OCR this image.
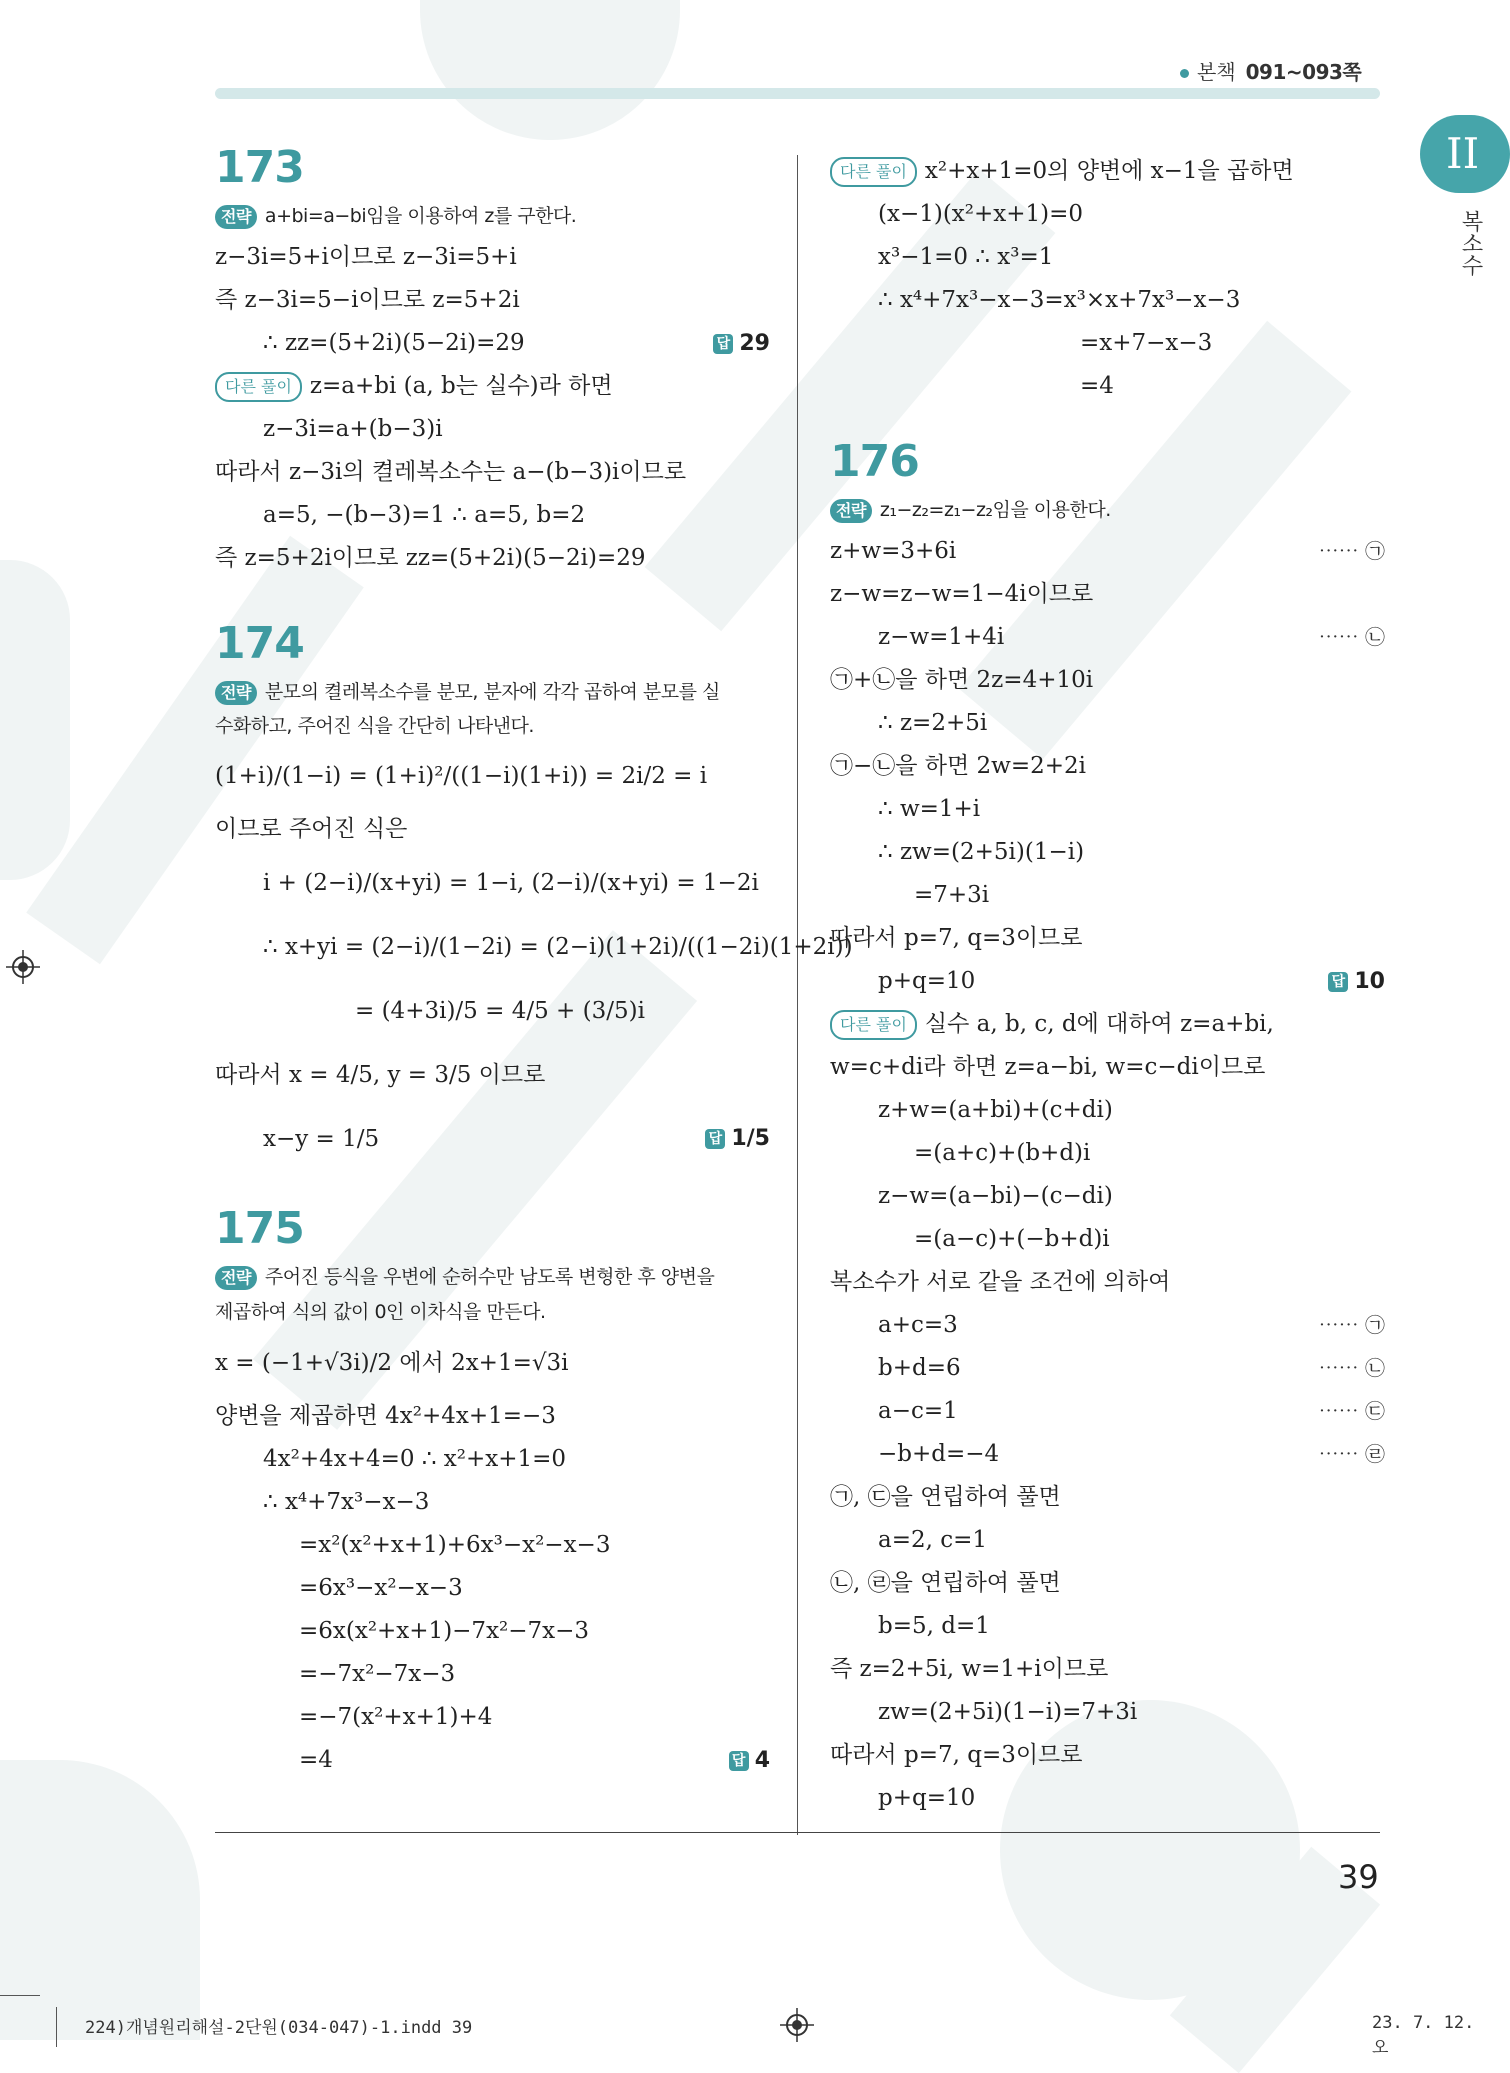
본책 091~093쪽
II
복소수
173
전략 a+bi=a−bi임을 이용하여 z를 구한다.
z−3i=5+i이므로 z−3i=5+i
즉 z−3i=5−i이므로 z=5+2i
∴ zz=(5+2i)(5−2i)=29	답 29
다른 풀이 z=a+bi (a, b는 실수)라 하면
z−3i=a+(b−3)i
따라서 z−3i의 켤레복소수는 a−(b−3)i이므로
a=5, −(b−3)=1 ∴ a=5, b=2
즉 z=5+2i이므로 zz=(5+2i)(5−2i)=29
174
전략 분모의 켤레복소수를 분모, 분자에 각각 곱하여 분모를 실
수화하고, 주어진 식을 간단히 나타낸다.
(1+i)/(1−i) = (1+i)²/((1−i)(1+i)) = 2i/2 = i
이므로 주어진 식은
i + (2−i)/(x+yi) = 1−i, (2−i)/(x+yi) = 1−2i
∴ x+yi = (2−i)/(1−2i) = (2−i)(1+2i)/((1−2i)(1+2i))
= (4+3i)/5 = 4/5 + (3/5)i
따라서 x = 4/5, y = 3/5 이므로
x−y = 1/5	답 1/5
175
전략 주어진 등식을 우변에 순허수만 남도록 변형한 후 양변을
제곱하여 식의 값이 0인 이차식을 만든다.
x = (−1+√3i)/2 에서 2x+1=√3i
양변을 제곱하면 4x²+4x+1=−3
4x²+4x+4=0 ∴ x²+x+1=0
∴ x⁴+7x³−x−3
=x²(x²+x+1)+6x³−x²−x−3
=6x³−x²−x−3
=6x(x²+x+1)−7x²−7x−3
=−7x²−7x−3
=−7(x²+x+1)+4
=4	답 4
다른 풀이 x²+x+1=0의 양변에 x−1을 곱하면
(x−1)(x²+x+1)=0
x³−1=0 ∴ x³=1
∴ x⁴+7x³−x−3=x³×x+7x³−x−3
=x+7−x−3
=4
176
전략 z₁−z₂=z₁−z₂임을 이용한다.
z+w=3+6i	⋯⋯ ㉠
z−w=z−w=1−4i이므로
z−w=1+4i	⋯⋯ ㉡
㉠+㉡을 하면 2z=4+10i
∴ z=2+5i
㉠−㉡을 하면 2w=2+2i
∴ w=1+i
∴ zw=(2+5i)(1−i)
=7+3i
따라서 p=7, q=3이므로
p+q=10	답 10
다른 풀이 실수 a, b, c, d에 대하여 z=a+bi,
w=c+di라 하면 z=a−bi, w=c−di이므로
z+w=(a+bi)+(c+di)
=(a+c)+(b+d)i
z−w=(a−bi)−(c−di)
=(a−c)+(−b+d)i
복소수가 서로 같을 조건에 의하여
a+c=3	⋯⋯ ㉠
b+d=6	⋯⋯ ㉡
a−c=1	⋯⋯ ㉢
−b+d=−4	⋯⋯ ㉣
㉠, ㉢을 연립하여 풀면
a=2, c=1
㉡, ㉣을 연립하여 풀면
b=5, d=1
즉 z=2+5i, w=1+i이므로
zw=(2+5i)(1−i)=7+3i
따라서 p=7, q=3이므로
p+q=10
39
224)개념원리해설-2단원(034-047)-1.indd 39	23. 7. 12. 오
